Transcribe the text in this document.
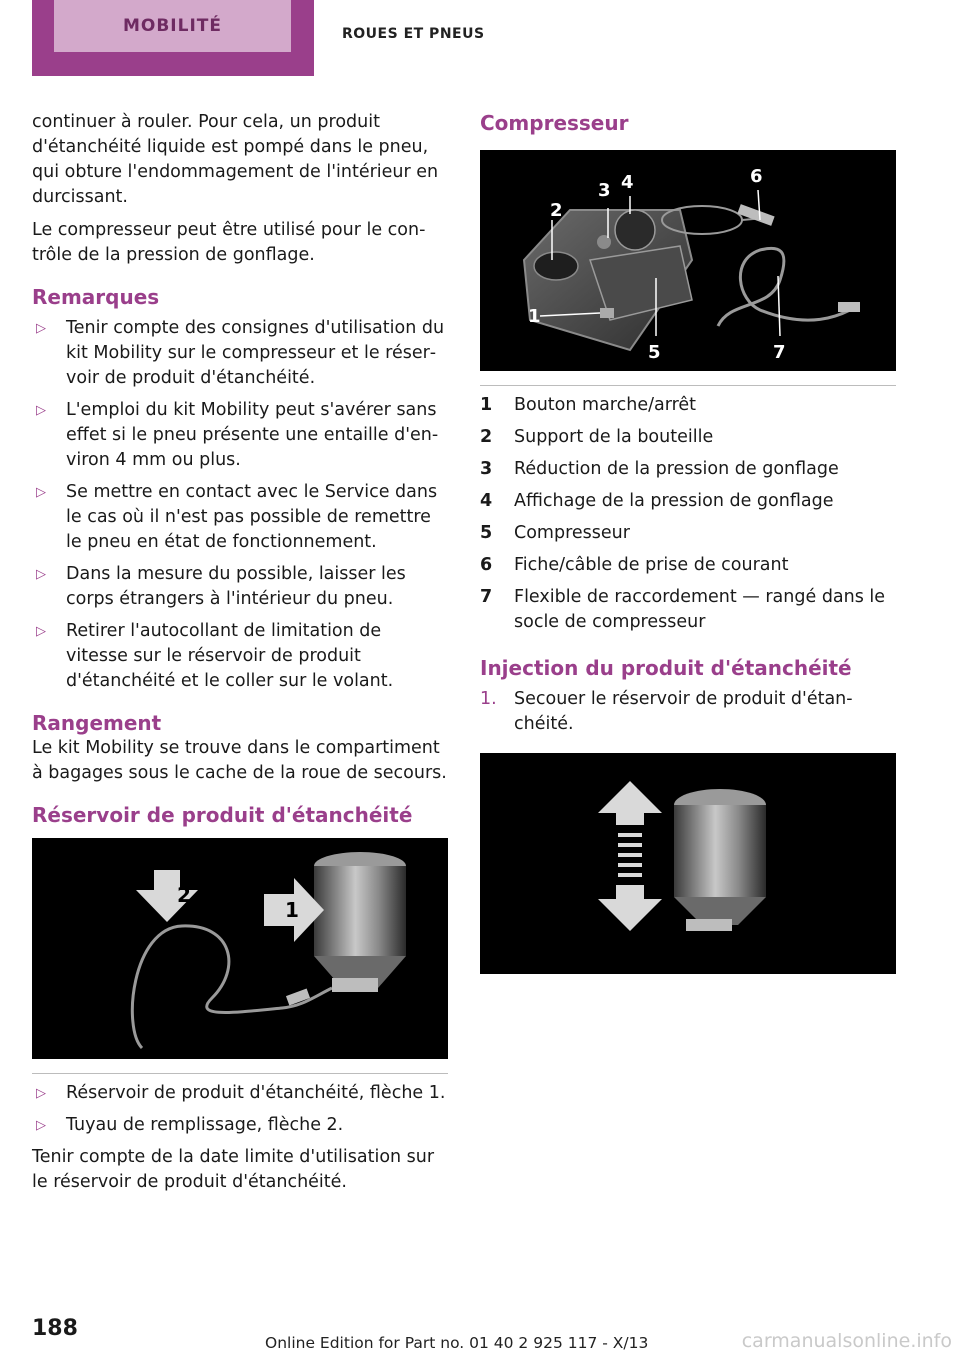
MOBILITÉ	ROUES ET PNEUS

continuer à rouler. Pour cela, un produit d'étanchéité liquide est pompé dans le pneu, qui obture l'endommagement de l'intérieur en durcissant.

Le compresseur peut être utilisé pour le con‐trôle de la pression de gonflage.

Remarques
▷ Tenir compte des consignes d'utilisation du kit Mobility sur le compresseur et le réser‐voir de produit d'étanchéité.
▷ L'emploi du kit Mobility peut s'avérer sans effet si le pneu présente une entaille d'en‐viron 4 mm ou plus.
▷ Se mettre en contact avec le Service dans le cas où il n'est pas possible de remettre le pneu en état de fonctionnement.
▷ Dans la mesure du possible, laisser les corps étrangers à l'intérieur du pneu.
▷ Retirer l'autocollant de limitation de vitesse sur le réservoir de produit d'étanchéité et le coller sur le volant.
Rangement

Le kit Mobility se trouve dans le compartiment à bagages sous le cache de la roue de secours.

Réservoir de produit d'étanchéité
2
1
▷ Réservoir de produit d'étanchéité, flèche 1.
▷ Tuyau de remplissage, flèche 2.

Tenir compte de la date limite d'utilisation sur le réservoir de produit d'étanchéité.

Compresseur
2
3 4	6
1
5	7
1 Bouton marche/arrêt
2 Support de la bouteille
3 Réduction de la pression de gonflage
4 Affichage de la pression de gonflage
5 Compresseur
6 Fiche/câble de prise de courant
7 Flexible de raccordement — rangé dans le socle de compresseur
Injection du produit d'étanchéité
1. Secouer le réservoir de produit d'étan‐chéité.
188
Online Edition for Part no. 01 40 2 925 117 - X/13	carmanualsonline.info
